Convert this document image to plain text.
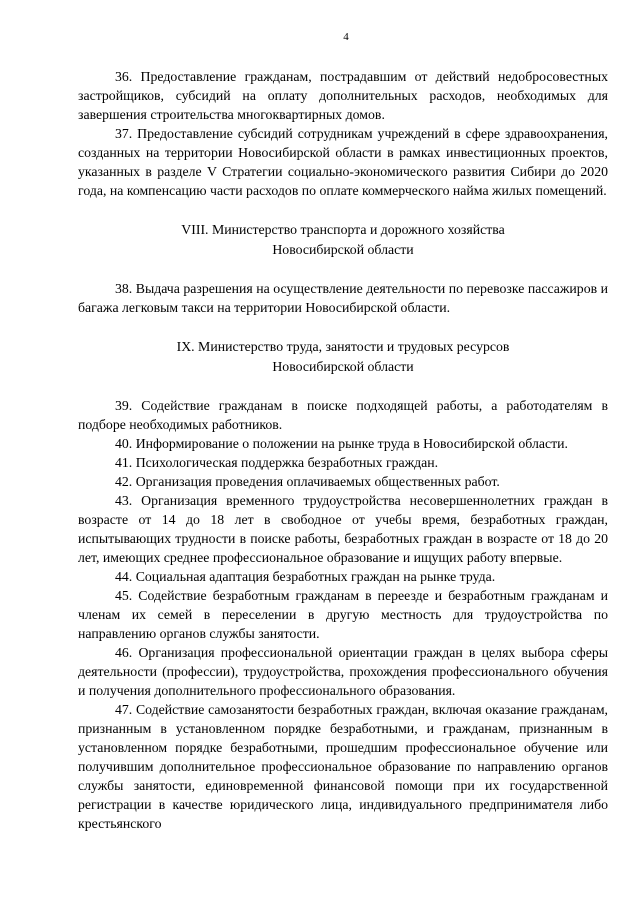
4

36. Предоставление гражданам, пострадавшим от действий недобросовестных застройщиков, субсидий на оплату дополнительных расходов, необходимых для завершения строительства многоквартирных домов.

37. Предоставление субсидий сотрудникам учреждений в сфере здравоохранения, созданных на территории Новосибирской области в рамках инвестиционных проектов, указанных в разделе V Стратегии социально-экономического развития Сибири до 2020 года, на компенсацию части расходов по оплате коммерческого найма жилых помещений.

VIII. Министерство транспорта и дорожного хозяйства

Новосибирской области

38. Выдача разрешения на осуществление деятельности по перевозке пассажиров и багажа легковым такси на территории Новосибирской области.

IX. Министерство труда, занятости и трудовых ресурсов

Новосибирской области

39. Содействие гражданам в поиске подходящей работы, а работодателям в подборе необходимых работников.

40. Информирование о положении на рынке труда в Новосибирской области.

41. Психологическая поддержка безработных граждан.

42. Организация проведения оплачиваемых общественных работ.

43. Организация временного трудоустройства несовершеннолетних граждан в возрасте от 14 до 18 лет в свободное от учебы время, безработных граждан, испытывающих трудности в поиске работы, безработных граждан в возрасте от 18 до 20 лет, имеющих среднее профессиональное образование и ищущих работу впервые.

44. Социальная адаптация безработных граждан на рынке труда.

45. Содействие безработным гражданам в переезде и безработным гражданам и членам их семей в переселении в другую местность для трудоустройства по направлению органов службы занятости.

46. Организация профессиональной ориентации граждан в целях выбора сферы деятельности (профессии), трудоустройства, прохождения профессионального обучения и получения дополнительного профессионального образования.

47. Содействие самозанятости безработных граждан, включая оказание гражданам, признанным в установленном порядке безработными, и гражданам, признанным в установленном порядке безработными, прошедшим профессиональное обучение или получившим дополнительное профессиональное образование по направлению органов службы занятости, единовременной финансовой помощи при их государственной регистрации в качестве юридического лица, индивидуального предпринимателя либо крестьянского
